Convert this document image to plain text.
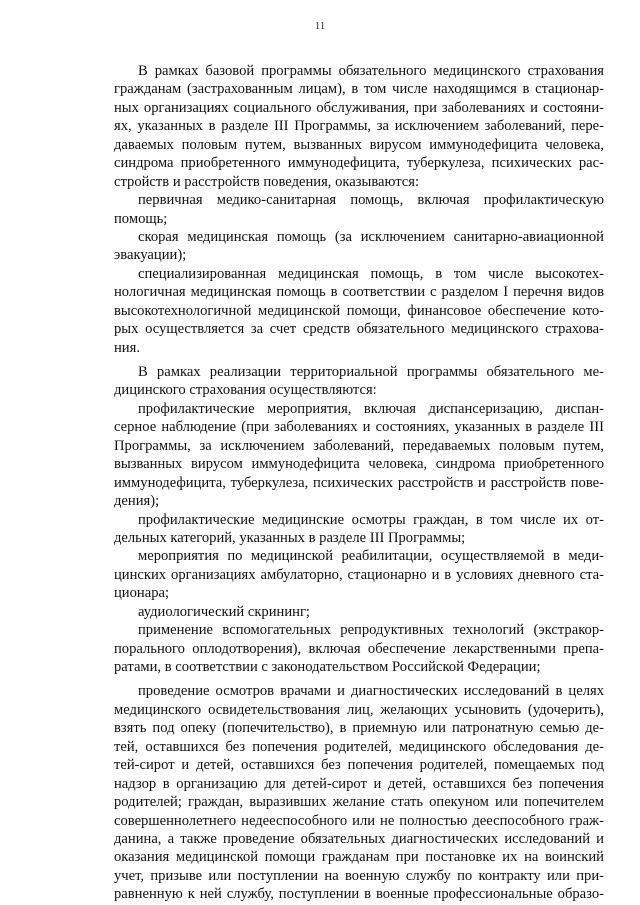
11
В рамках базовой программы обязательного медицинского страхования
гражданам (застрахованным лицам), в том числе находящимся в стационар-
ных организациях социального обслуживания, при заболеваниях и состояни-
ях, указанных в разделе III Программы, за исключением заболеваний, пере-
даваемых половым путем, вызванных вирусом иммунодефицита человека,
синдрома приобретенного иммунодефицита, туберкулеза, психических рас-
стройств и расстройств поведения, оказываются:
первичная медико-санитарная помощь, включая профилактическую
помощь;
скорая медицинская помощь (за исключением санитарно-авиационной
эвакуации);
специализированная медицинская помощь, в том числе высокотех-
нологичная медицинская помощь в соответствии с разделом I перечня видов
высокотехнологичной медицинской помощи, финансовое обеспечение кото-
рых осуществляется за счет средств обязательного медицинского страхова-
ния.
В рамках реализации территориальной программы обязательного ме-
дицинского страхования осуществляются:
профилактические мероприятия, включая диспансеризацию, диспан-
серное наблюдение (при заболеваниях и состояниях, указанных в разделе III
Программы, за исключением заболеваний, передаваемых половым путем,
вызванных вирусом иммунодефицита человека, синдрома приобретенного
иммунодефицита, туберкулеза, психических расстройств и расстройств пове-
дения);
профилактические медицинские осмотры граждан, в том числе их от-
дельных категорий, указанных в разделе III Программы;
мероприятия по медицинской реабилитации, осуществляемой в меди-
цинских организациях амбулаторно, стационарно и в условиях дневного ста-
ционара;
аудиологический скрининг;
применение вспомогательных репродуктивных технологий (экстракор-
порального оплодотворения), включая обеспечение лекарственными препа-
ратами, в соответствии с законодательством Российской Федерации;
проведение осмотров врачами и диагностических исследований в целях
медицинского освидетельствования лиц, желающих усыновить (удочерить),
взять под опеку (попечительство), в приемную или патронатную семью де-
тей, оставшихся без попечения родителей, медицинского обследования де-
тей-сирот и детей, оставшихся без попечения родителей, помещаемых под
надзор в организацию для детей-сирот и детей, оставшихся без попечения
родителей; граждан, выразивших желание стать опекуном или попечителем
совершеннолетнего недееспособного или не полностью дееспособного граж-
данина, а также проведение обязательных диагностических исследований и
оказания медицинской помощи гражданам при постановке их на воинский
учет, призыве или поступлении на военную службу по контракту или при-
равненную к ней службу, поступлении в военные профессиональные образо-
